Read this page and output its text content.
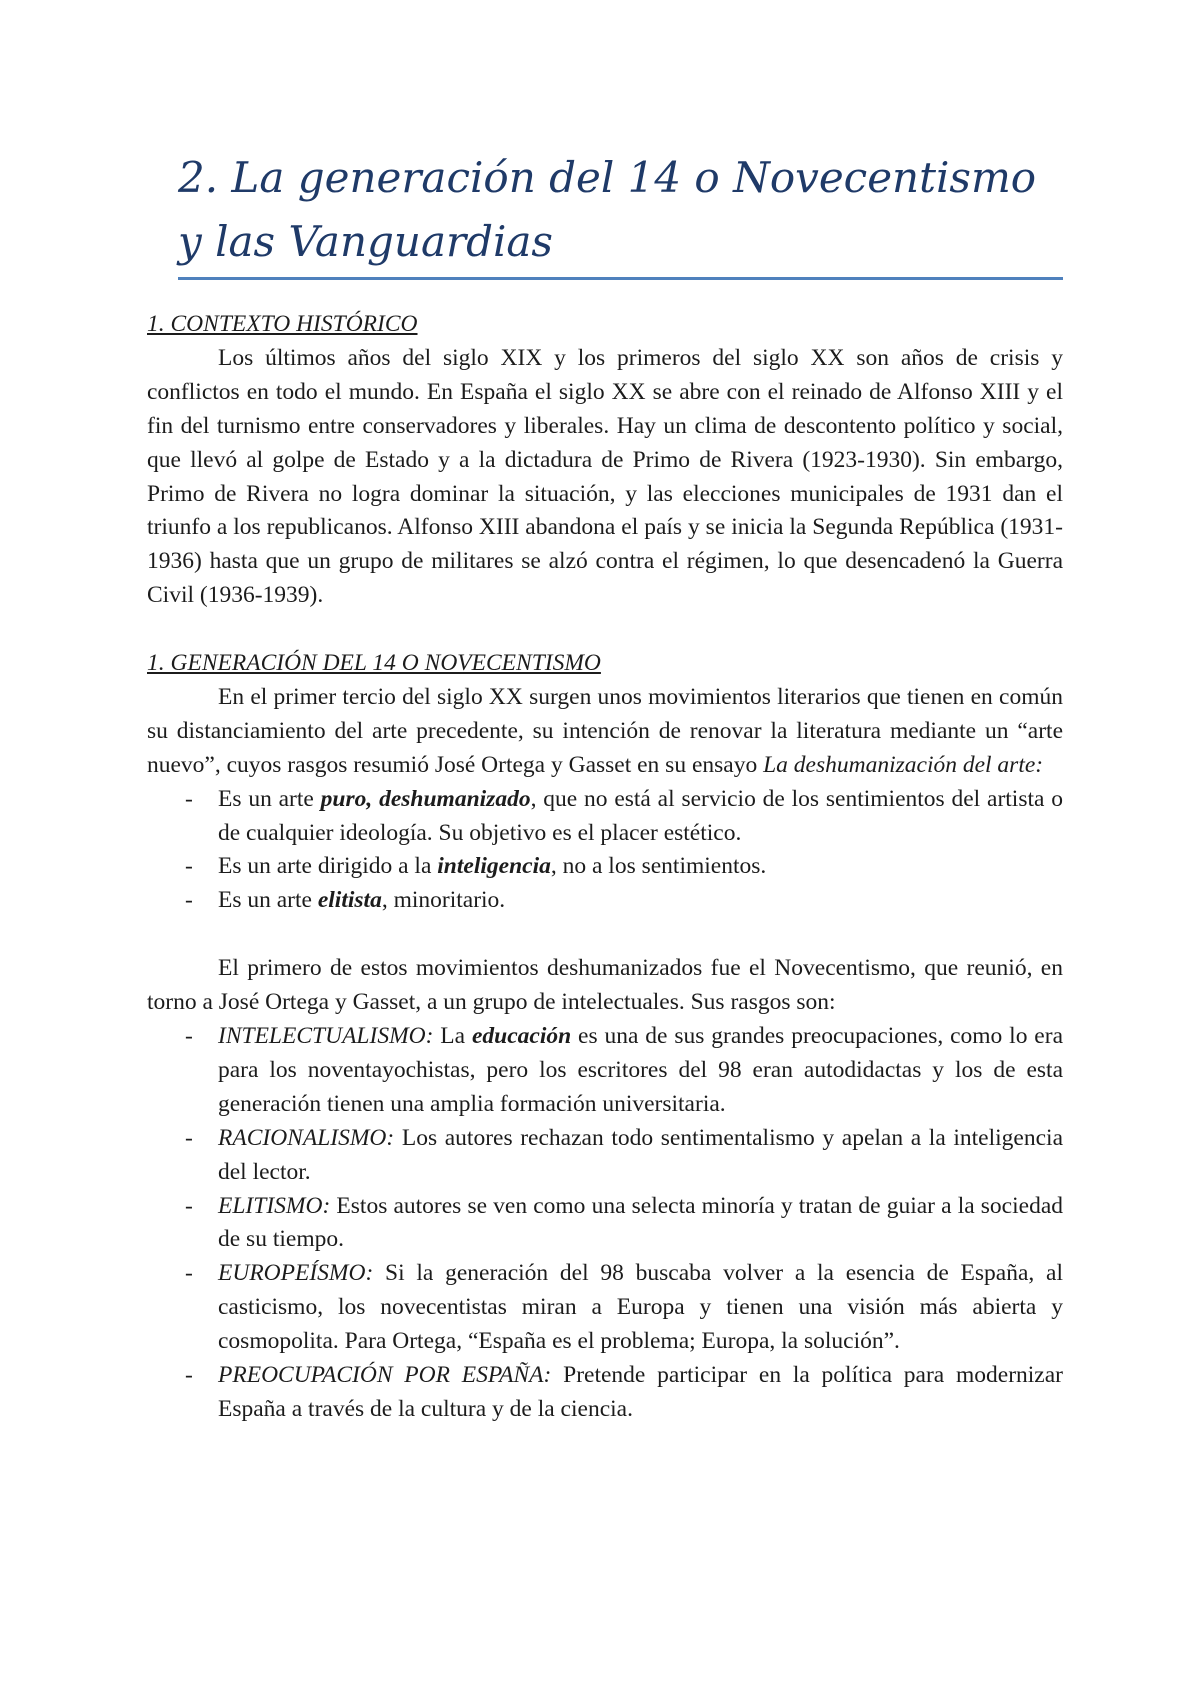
2. La generación del 14 o Novecentismo
y las Vanguardias
1. CONTEXTO HISTÓRICO

Los últimos años del siglo XIX y los primeros del siglo XX son años de crisis y conflictos en todo el mundo. En España el siglo XX se abre con el reinado de Alfonso XIII y el fin del turnismo entre conservadores y liberales. Hay un clima de descontento político y social, que llevó al golpe de Estado y a la dictadura de Primo de Rivera (1923-1930). Sin embargo, Primo de Rivera no logra dominar la situación, y las elecciones municipales de 1931 dan el triunfo a los republicanos. Alfonso XIII abandona el país y se inicia la Segunda República (1931-1936) hasta que un grupo de militares se alzó contra el régimen, lo que desencadenó la Guerra Civil (1936-1939).

1. GENERACIÓN DEL 14 O NOVECENTISMO

En el primer tercio del siglo XX surgen unos movimientos literarios que tienen en común su distanciamiento del arte precedente, su intención de renovar la literatura mediante un “arte nuevo”, cuyos rasgos resumió José Ortega y Gasset en su ensayo La deshumanización del arte:

- Es un arte puro, deshumanizado, que no está al servicio de los sentimientos del artista o de cualquier ideología. Su objetivo es el placer estético.
- Es un arte dirigido a la inteligencia, no a los sentimientos.
- Es un arte elitista, minoritario.

El primero de estos movimientos deshumanizados fue el Novecentismo, que reunió, en torno a José Ortega y Gasset, a un grupo de intelectuales. Sus rasgos son:

- INTELECTUALISMO: La educación es una de sus grandes preocupaciones, como lo era para los noventayochistas, pero los escritores del 98 eran autodidactas y los de esta generación tienen una amplia formación universitaria.
- RACIONALISMO: Los autores rechazan todo sentimentalismo y apelan a la inteligencia del lector.
- ELITISMO: Estos autores se ven como una selecta minoría y tratan de guiar a la sociedad de su tiempo.
- EUROPEÍSMO: Si la generación del 98 buscaba volver a la esencia de España, al casticismo, los novecentistas miran a Europa y tienen una visión más abierta y cosmopolita. Para Ortega, “España es el problema; Europa, la solución”.
- PREOCUPACIÓN POR ESPAÑA: Pretende participar en la política para modernizar España a través de la cultura y de la ciencia.
